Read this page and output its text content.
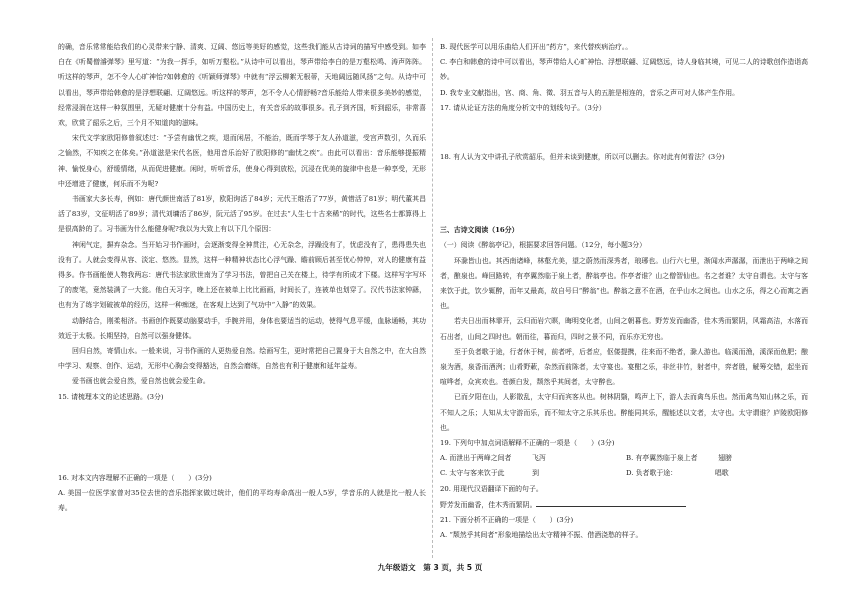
的确，音乐常常能给我们的心灵带来宁静、清爽、辽阔、悠远等美好的感觉，这些我们能从古诗词的描写中感受到。如李白在《听蜀僧濬弹琴》里写道：“为我一挥手，如听万壑松。”从诗中可以看出，琴声带给李白的是万壑松鸣、涛声阵阵。听这样的琴声，怎不令人心旷神怡?如韩愈的《听颖师弹琴》中就有“浮云柳絮无根蒂，天地阔远随风扬”之句。从诗中可以看出，琴声带给韩愈的是浮想联翩、辽阔悠远。听这样的琴声，怎不令人心情舒畅?音乐能给人带来很多美妙的感觉，经常浸润在这样一种氛围里，无疑对健康十分有益。中国历史上，有关音乐的故事很多。孔子到齐国，听到韶乐，非常喜欢，欣赏了韶乐之后，三个月不知道肉的滋味。

宋代文学家欧阳修曾叙述过：“予尝有幽忧之疾，退而闲居，不能治，既而学琴于友人孙道滋，受宫声数引，久而乐之愉然，不知疾之在体矣。”孙道滋是宋代名医，他用音乐治好了欧阳修的“幽忧之疾”。由此可以看出：音乐能够提振精神、愉悦身心，舒缓情绪，从而促进健康。闲时，听听音乐，使身心得到放松，沉浸在优美的旋律中也是一种享受，无形中还增进了健康，何乐而不为呢?

书画家大多长寿，例如：唐代颜世南活了81岁，欧阳询活了84岁；元代王维活了77岁，黄惜活了81岁；明代董其昌活了83岁，文征明活了89岁；清代刘墉活了86岁，阮元活了95岁。在过去“人生七十古来稀”的时代，这些名士都算得上是很高龄的了。习书画为什么能健身呢?我以为大致上有以下几个原因：

神闲气定，摒弃杂念。当开始习书作画时，会逐渐变得全神贯注，心无杂念，浮躁没有了，忧虑没有了，患得患失也没有了。人就会变得从容、淡定、悠然。显然，这样一种精神状态比心浮气躁、瞻前顾后甚至忧心忡忡，对人的健康有益得多。作书画能使人物我两忘：唐代书法家欧世南为了学习书法，曾把自己关在楼上，待学有所成才下楼。这样写字写坏了的废笔，竟然装满了一大瓮。他白天习字，晚上还在被单上比比画画，时间长了，连被单也划穿了。汉代书法家钟繇，也有为了练字划破被单的经历，这样一种痴迷，在客观上达到了气功中“入静”的效果。

动静结合，刚柔相济。书画创作既要动脑要动手，手腕并用，身体也要适当的运动，使得气息平缓，血脉通畅，其功效近于太极。长期坚持，自然可以强身健体。

回归自然，寄情山水。一般来说，习书作画的人更热爱自然。绘画写生，更时常把自己置身于大自然之中，在大自然中学习、观察、创作、运动，无形中心胸会变得豁达，自然会磨练，自然也有利于健康和延年益寿。

爱书画也就会爱自然，爱自然也就会爱生命。

15. 请梳理本文的论述思路。(3分)

16. 对本文内容理解不正确的一项是（　　）(3分)

A. 美国一位医学家曾对35位去世的音乐指挥家做过统计，他们的平均寿命高出一般人5岁，学音乐的人就是比一般人长寿。

B. 现代医学可以用乐曲给人们开出“药方”，来代替疾病治疗。。

C. 李白和韩愈的诗中可以看出，琴声带给人心旷神怡、浮想联翩、辽阔悠远，诗人身临其境，可见二人的诗歌创作造诣高妙。

D. 我专业文献指出，宫、商、角、徵、羽五音与人的五脏是相连的，音乐之声可对人体产生作用。

17. 请从论证方法的角度分析文中的划线句子。（3分）

18. 有人认为文中讲孔子欣赏韶乐，但并未谈到健康，所以可以删去。你对此有何看法？(3分)

三、古诗文阅读（16分）

（一）阅读《醉翁亭记》，根据要求回答问题。（12分，每小题3分）

环滁皆山也。其西南诸峰，林壑尤美，望之蔚然而深秀者，琅琊也。山行六七里，渐闻水声潺潺，而泄出于两峰之间者，酿泉也。峰回路转，有亭翼然临于泉上者，醉翁亭也。作亭者谁？山之僧智仙也。名之者谁？太守自谓也。太守与客来饮于此，饮少辄醉，而年又最高，故自号曰“醉翁”也。醉翁之意不在酒，在乎山水之间也。山水之乐，得之心而寓之酒也。

若夫日出而林霏开，云归而岩穴暝，晦明变化者，山间之朝暮也。野芳发而幽香，佳木秀而繁阴，风霜高洁，水落而石出者，山间之四时也。朝而往，暮而归，四时之景不同，而乐亦无穷也。

至于负者歌于途，行者休于树，前者呼，后者应，伛偻提携，往来而不绝者，滁人游也。临溪而渔，溪深而鱼肥；酿泉为酒，泉香而酒洌；山肴野蔌，杂然而前陈者，太守宴也。宴酣之乐，非丝非竹，射者中，弈者胜，觥筹交错，起坐而喧哗者，众宾欢也。苍颜白发，颓然乎其间者，太守醉也。

已而夕阳在山，人影散乱，太守归而宾客从也。树林阴翳，鸣声上下，游人去而禽鸟乐也。然而禽鸟知山林之乐，而不知人之乐；人知从太守游而乐，而不知太守之乐其乐也。醉能同其乐，醒能述以文者，太守也。太守谓谁？庐陵欧阳修也。

19. 下列句中加点词语解释不正确的一项是（　　）(3分)

A. 而泄出于两峰之间者　　　飞泻	B. 有亭翼然临于泉上者　　　翅膀
C. 太守与客来饮于此　　　　到	D. 负者歌于途：　　　　　　唱歌

20. 用现代汉语翻译下面的句子。

野芳发而幽香，佳木秀而繁阴。

21. 下面分析不正确的一项是（　　）(3分)

A. “颓然乎其间者”形象地描绘出太守精神不振、借酒浇愁的样子。

九年级语文　第 3 页，共 5 页
